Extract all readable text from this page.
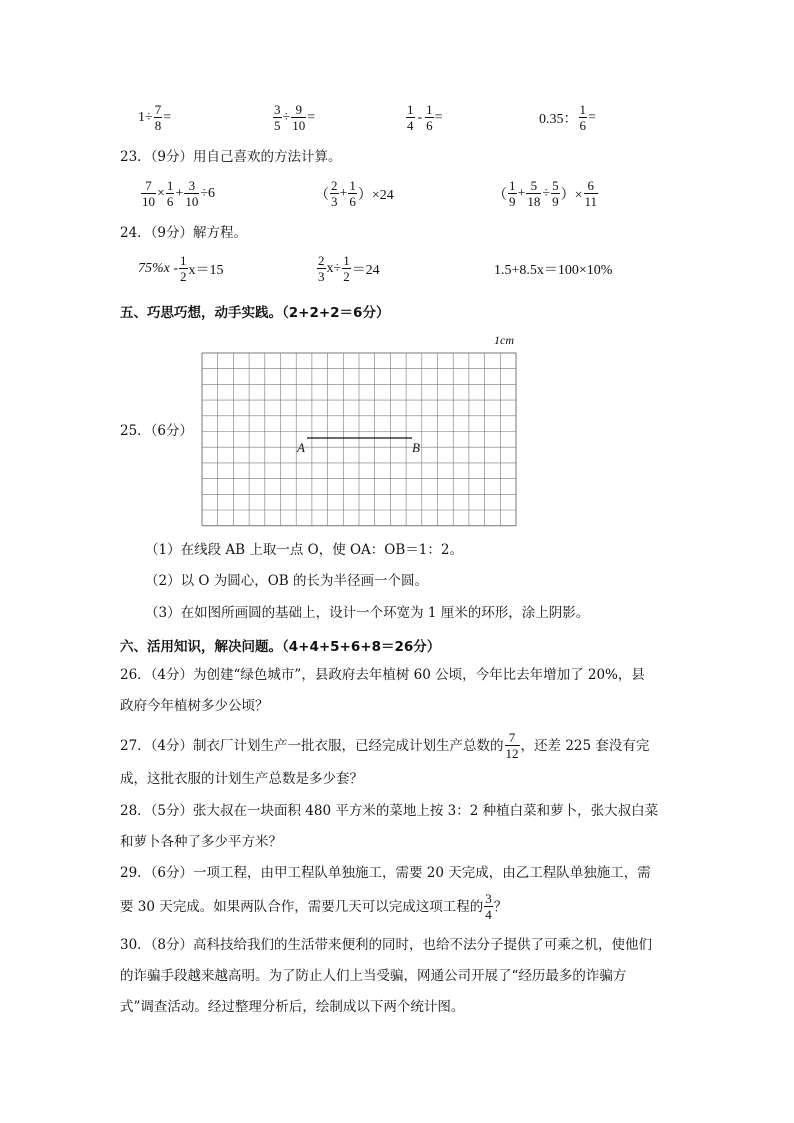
$1\div \frac{7}{8}$ =	$\frac{3}{5} \div \frac{9}{10}$ =	$\frac{1}{4} - \frac{1}{6}$ =	0.35： $\frac{1}{6}$ =
23．（9分）用自己喜欢的方法计算。
$\frac{7}{10} \times \frac{1}{6} + \frac{3}{10} \div 6$	（ $\frac{2}{3} + \frac{1}{6} )\times 24$	（ $\frac{1}{9} + \frac{5}{18} \div \frac{5}{9}$ ）× $\frac{6}{11}$
24．（9分）解方程。
$75\%x - \frac{1}{2} x=15$	$\frac{2}{3} x\div \frac{1}{2} =24$	1.5+8.5x＝100×10%
五、巧思巧想，动手实践。（2+2+2＝6分）
25．（6分）
1cm
A	B
（1）在线段 AB 上取一点 O，使 OA：OB＝1：2。
（2）以 O 为圆心，OB 的长为半径画一个圆。
（3）在如图所画圆的基础上，设计一个环宽为 1 厘米的环形，涂上阴影。
六、活用知识，解决问题。（4+4+5+6+8＝26分）
26．（4分）为创建“绿色城市”，县政府去年植树 60 公顷，今年比去年增加了 20%，县
政府今年植树多少公顷？
27．（4分）制衣厂计划生产一批衣服，已经完成计划生产总数的 $\frac{7}{12}$ ，还差 225 套没有完
成，这批衣服的计划生产总数是多少套？
28．（5分）张大叔在一块面积 480 平方米的菜地上按 3：2 种植白菜和萝卜，张大叔白菜
和萝卜各种了多少平方米？
29．（6分）一项工程，由甲工程队单独施工，需要 20 天完成，由乙工程队单独施工，需
要 30 天完成。如果两队合作，需要几天可以完成这项工程的 $\frac{3}{4}$ ？
30．（8分）高科技给我们的生活带来便利的同时，也给不法分子提供了可乘之机，使他们
的诈骗手段越来越高明。为了防止人们上当受骗，网通公司开展了“经历最多的诈骗方
式”调查活动。经过整理分析后，绘制成以下两个统计图。
